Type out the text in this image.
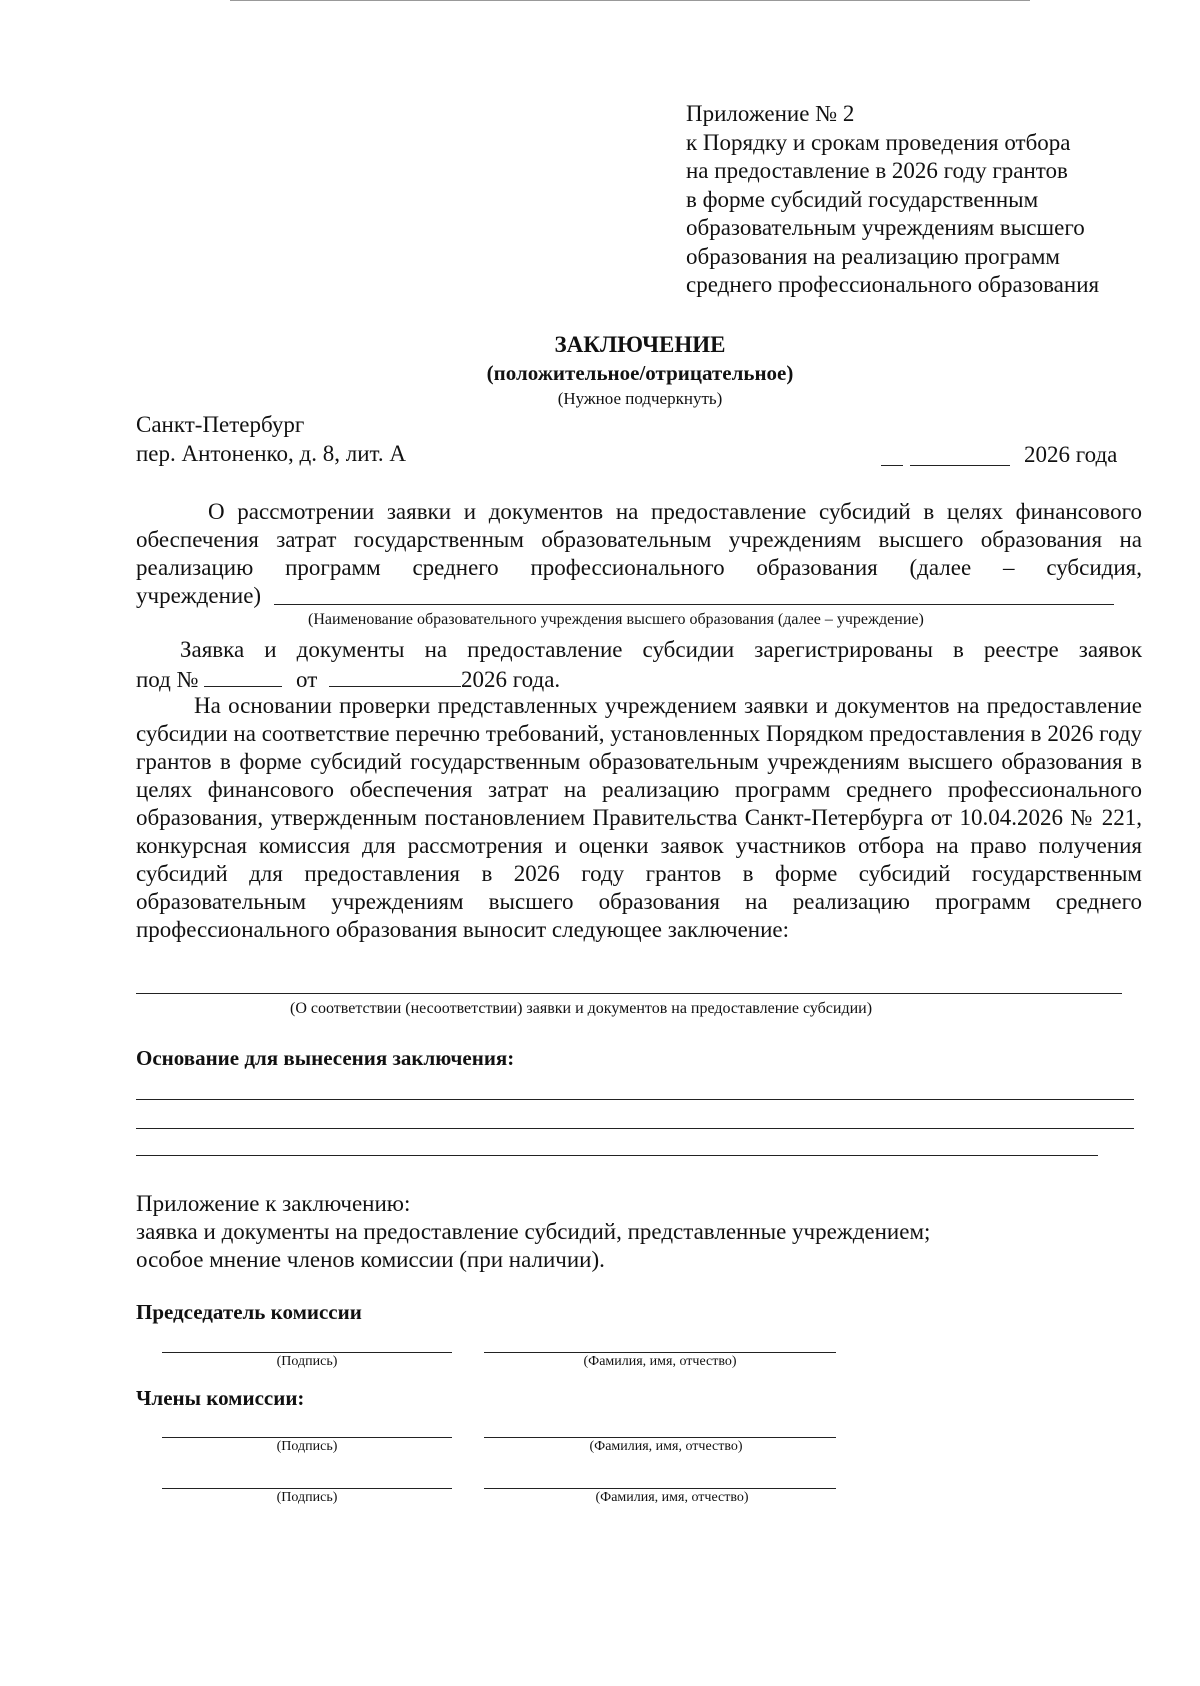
Приложение № 2
к Порядку и срокам проведения отбора
на предоставление в 2026 году грантов
в форме субсидий государственным
образовательным учреждениям высшего
образования на реализацию программ
среднего профессионального образования
ЗАКЛЮЧЕНИЕ
(положительное/отрицательное)
(Нужное подчеркнуть)
Санкт-Петербург
пер. Антоненко, д. 8, лит. А	2026 года
О рассмотрении заявки и документов на предоставление субсидий в целях финансового обеспечения затрат государственным образовательным учреждениям высшего образования на реализацию программ среднего профессионального образования (далее – субсидия,
учреждение)
(Наименование образовательного учреждения высшего образования (далее – учреждение)
Заявка и документы на предоставление субсидии зарегистрированы в реестре заявок
под №	от	2026 года.
На основании проверки представленных учреждением заявки и документов на предоставление субсидии на соответствие перечню требований, установленных Порядком предоставления в 2026 году грантов в форме субсидий государственным образовательным учреждениям высшего образования в целях финансового обеспечения затрат на реализацию программ среднего профессионального образования, утвержденным постановлением Правительства Санкт-Петербурга от 10.04.2026 № 221, конкурсная комиссия для рассмотрения и оценки заявок участников отбора на право получения субсидий для предоставления в 2026 году грантов в форме субсидий государственным образовательным учреждениям высшего образования на реализацию программ среднего профессионального образования выносит следующее заключение:
(О соответствии (несоответствии) заявки и документов на предоставление субсидии)
Основание для вынесения заключения:
Приложение к заключению:
заявка и документы на предоставление субсидий, представленные учреждением;
особое мнение членов комиссии (при наличии).
Председатель комиссии
(Подпись)	(Фамилия, имя, отчество)
Члены комиссии:
(Подпись)	(Фамилия, имя, отчество)
(Подпись)	(Фамилия, имя, отчество)
